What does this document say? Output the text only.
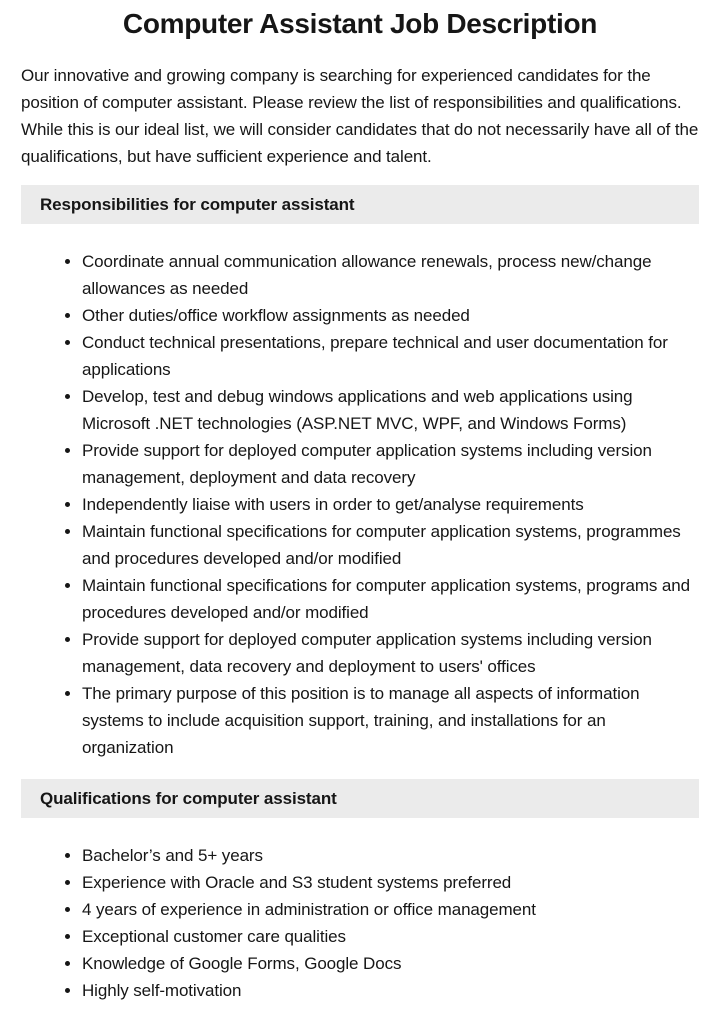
Computer Assistant Job Description

Our innovative and growing company is searching for experienced candidates for the position of computer assistant. Please review the list of responsibilities and qualifications. While this is our ideal list, we will consider candidates that do not necessarily have all of the qualifications, but have sufficient experience and talent.

Responsibilities for computer assistant
Coordinate annual communication allowance renewals, process new/change allowances as needed
Other duties/office workflow assignments as needed
Conduct technical presentations, prepare technical and user documentation for applications
Develop, test and debug windows applications and web applications using Microsoft .NET technologies (ASP.NET MVC, WPF, and Windows Forms)
Provide support for deployed computer application systems including version management, deployment and data recovery
Independently liaise with users in order to get/analyse requirements
Maintain functional specifications for computer application systems, programmes and procedures developed and/or modified
Maintain functional specifications for computer application systems, programs and procedures developed and/or modified
Provide support for deployed computer application systems including version management, data recovery and deployment to users' offices
The primary purpose of this position is to manage all aspects of information systems to include acquisition support, training, and installations for an organization
Qualifications for computer assistant
Bachelor’s and 5+ years
Experience with Oracle and S3 student systems preferred
4 years of experience in administration or office management
Exceptional customer care qualities
Knowledge of Google Forms, Google Docs
Highly self-motivation
